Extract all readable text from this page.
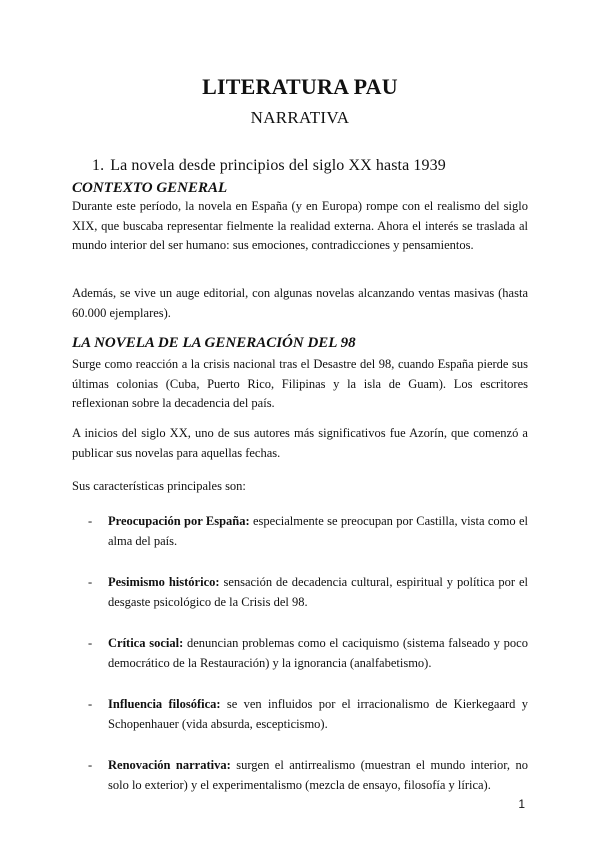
LITERATURA PAU
NARRATIVA
1. La novela desde principios del siglo XX hasta 1939
CONTEXTO GENERAL
Durante este período, la novela en España (y en Europa) rompe con el realismo del siglo XIX, que buscaba representar fielmente la realidad externa. Ahora el interés se traslada al mundo interior del ser humano: sus emociones, contradicciones y pensamientos.
Además, se vive un auge editorial, con algunas novelas alcanzando ventas masivas (hasta 60.000 ejemplares).
LA NOVELA DE LA GENERACIÓN DEL 98
Surge como reacción a la crisis nacional tras el Desastre del 98, cuando España pierde sus últimas colonias (Cuba, Puerto Rico, Filipinas y la isla de Guam). Los escritores reflexionan sobre la decadencia del país.
A inicios del siglo XX, uno de sus autores más significativos fue Azorín, que comenzó a publicar sus novelas para aquellas fechas.
Sus características principales son:
- Preocupación por España: especialmente se preocupan por Castilla, vista como el alma del país.
- Pesimismo histórico: sensación de decadencia cultural, espiritual y política por el desgaste psicológico de la Crisis del 98.
- Crítica social: denuncian problemas como el caciquismo (sistema falseado y poco democrático de la Restauración) y la ignorancia (analfabetismo).
- Influencia filosófica: se ven influidos por el irracionalismo de Kierkegaard y Schopenhauer (vida absurda, escepticismo).
- Renovación narrativa: surgen el antirrealismo (muestran el mundo interior, no solo lo exterior) y el experimentalismo (mezcla de ensayo, filosofía y lírica).
1
